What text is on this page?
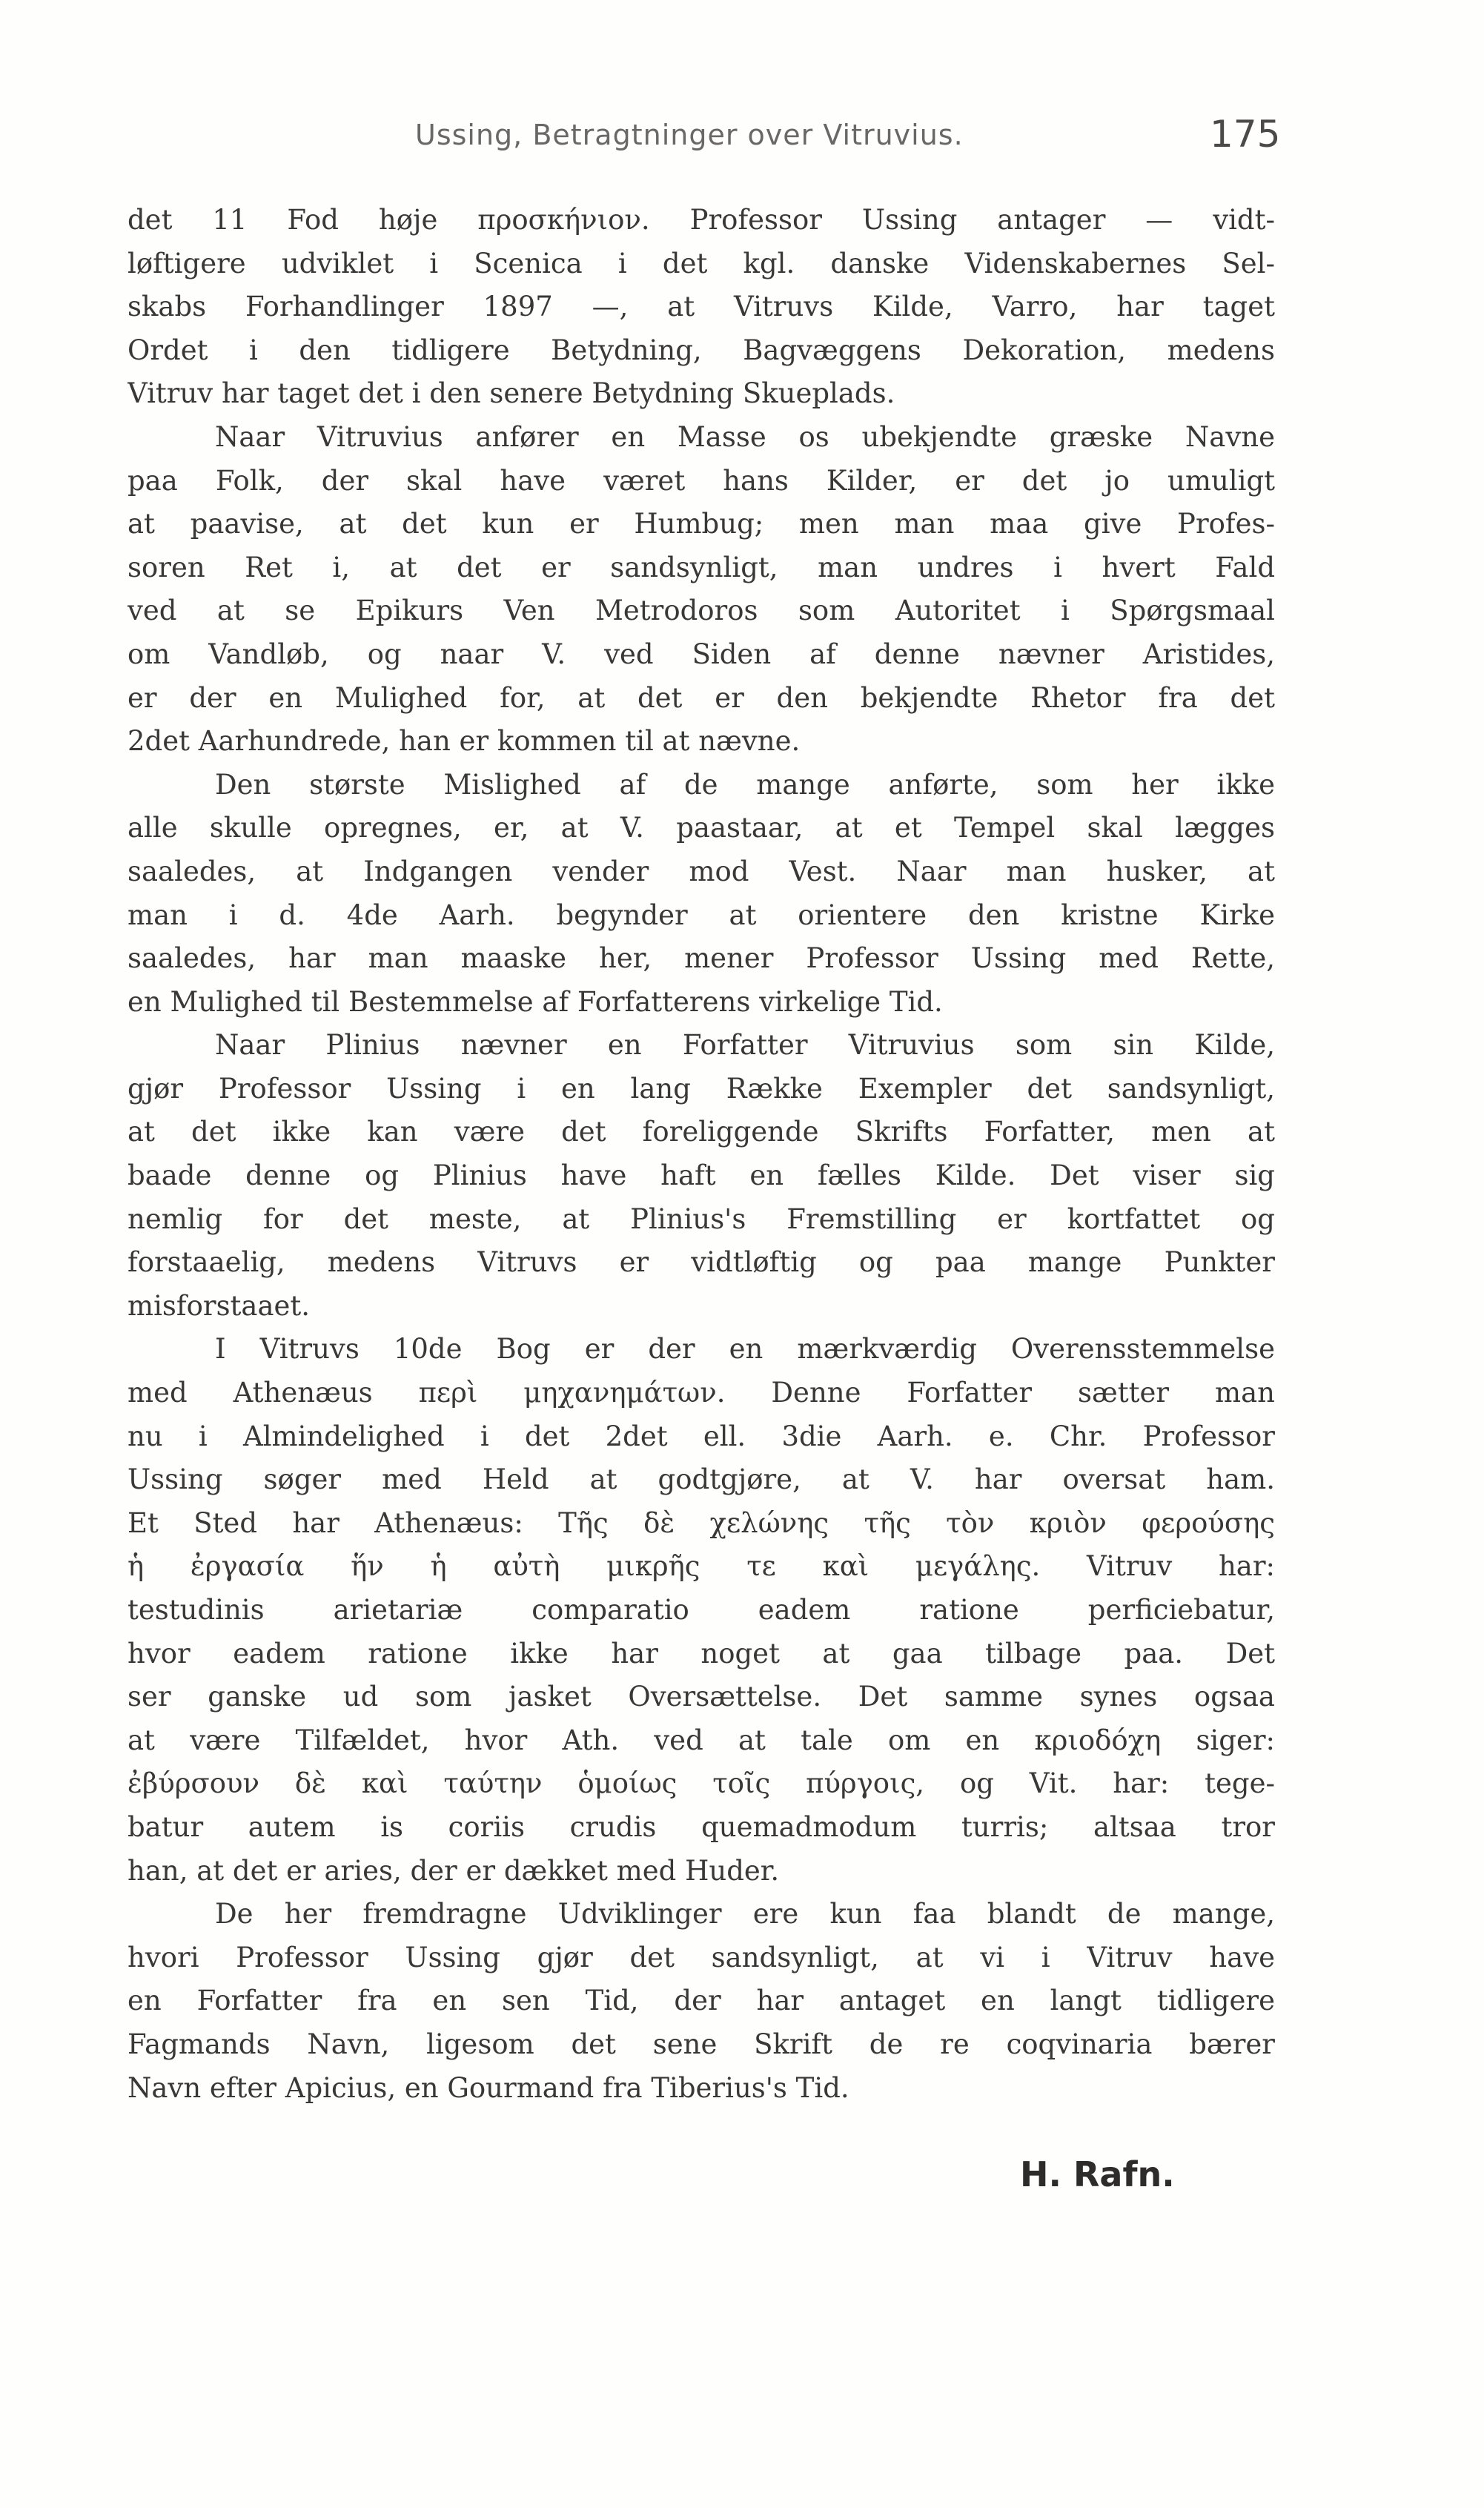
Ussing, Betragtninger over Vitruvius.	175
det 11 Fod høje προσκήνιον. Professor Ussing antager — vidt-
løftigere udviklet i Scenica i det kgl. danske Videnskabernes Sel-
skabs Forhandlinger 1897 —, at Vitruvs Kilde, Varro, har taget
Ordet i den tidligere Betydning, Bagvæggens Dekoration, medens
Vitruv har taget det i den senere Betydning Skueplads.
Naar Vitruvius anfører en Masse os ubekjendte græske Navne
paa Folk, der skal have været hans Kilder, er det jo umuligt
at paavise, at det kun er Humbug; men man maa give Profes-
soren Ret i, at det er sandsynligt, man undres i hvert Fald
ved at se Epikurs Ven Metrodoros som Autoritet i Spørgsmaal
om Vandløb, og naar V. ved Siden af denne nævner Aristides,
er der en Mulighed for, at det er den bekjendte Rhetor fra det
2det Aarhundrede, han er kommen til at nævne.
Den største Mislighed af de mange anførte, som her ikke
alle skulle opregnes, er, at V. paastaar, at et Tempel skal lægges
saaledes, at Indgangen vender mod Vest. Naar man husker, at
man i d. 4de Aarh. begynder at orientere den kristne Kirke
saaledes, har man maaske her, mener Professor Ussing med Rette,
en Mulighed til Bestemmelse af Forfatterens virkelige Tid.
Naar Plinius nævner en Forfatter Vitruvius som sin Kilde,
gjør Professor Ussing i en lang Række Exempler det sandsynligt,
at det ikke kan være det foreliggende Skrifts Forfatter, men at
baade denne og Plinius have haft en fælles Kilde. Det viser sig
nemlig for det meste, at Plinius's Fremstilling er kortfattet og
forstaaelig, medens Vitruvs er vidtløftig og paa mange Punkter
misforstaaet.
I Vitruvs 10de Bog er der en mærkværdig Overensstemmelse
med Athenæus περὶ μηχανημάτων. Denne Forfatter sætter man
nu i Almindelighed i det 2det ell. 3die Aarh. e. Chr. Professor
Ussing søger med Held at godtgjøre, at V. har oversat ham.
Et Sted har Athenæus: Τῆς δὲ χελώνης τῆς τὸν κριὸν φερούσης
ἡ ἐργασία ἥν ἡ αὐτὴ μικρῆς τε καὶ μεγάλης. Vitruv har:
testudinis arietariæ comparatio eadem ratione perficiebatur,
hvor eadem ratione ikke har noget at gaa tilbage paa. Det
ser ganske ud som jasket Oversættelse. Det samme synes ogsaa
at være Tilfældet, hvor Ath. ved at tale om en κριοδόχη siger:
ἐβύρσουν δὲ καὶ ταύτην ὁμοίως τοῖς πύργοις, og Vit. har: tege-
batur autem is coriis crudis quemadmodum turris; altsaa tror
han, at det er aries, der er dækket med Huder.
De her fremdragne Udviklinger ere kun faa blandt de mange,
hvori Professor Ussing gjør det sandsynligt, at vi i Vitruv have
en Forfatter fra en sen Tid, der har antaget en langt tidligere
Fagmands Navn, ligesom det sene Skrift de re coqvinaria bærer
Navn efter Apicius, en Gourmand fra Tiberius's Tid.
H. Rafn.
